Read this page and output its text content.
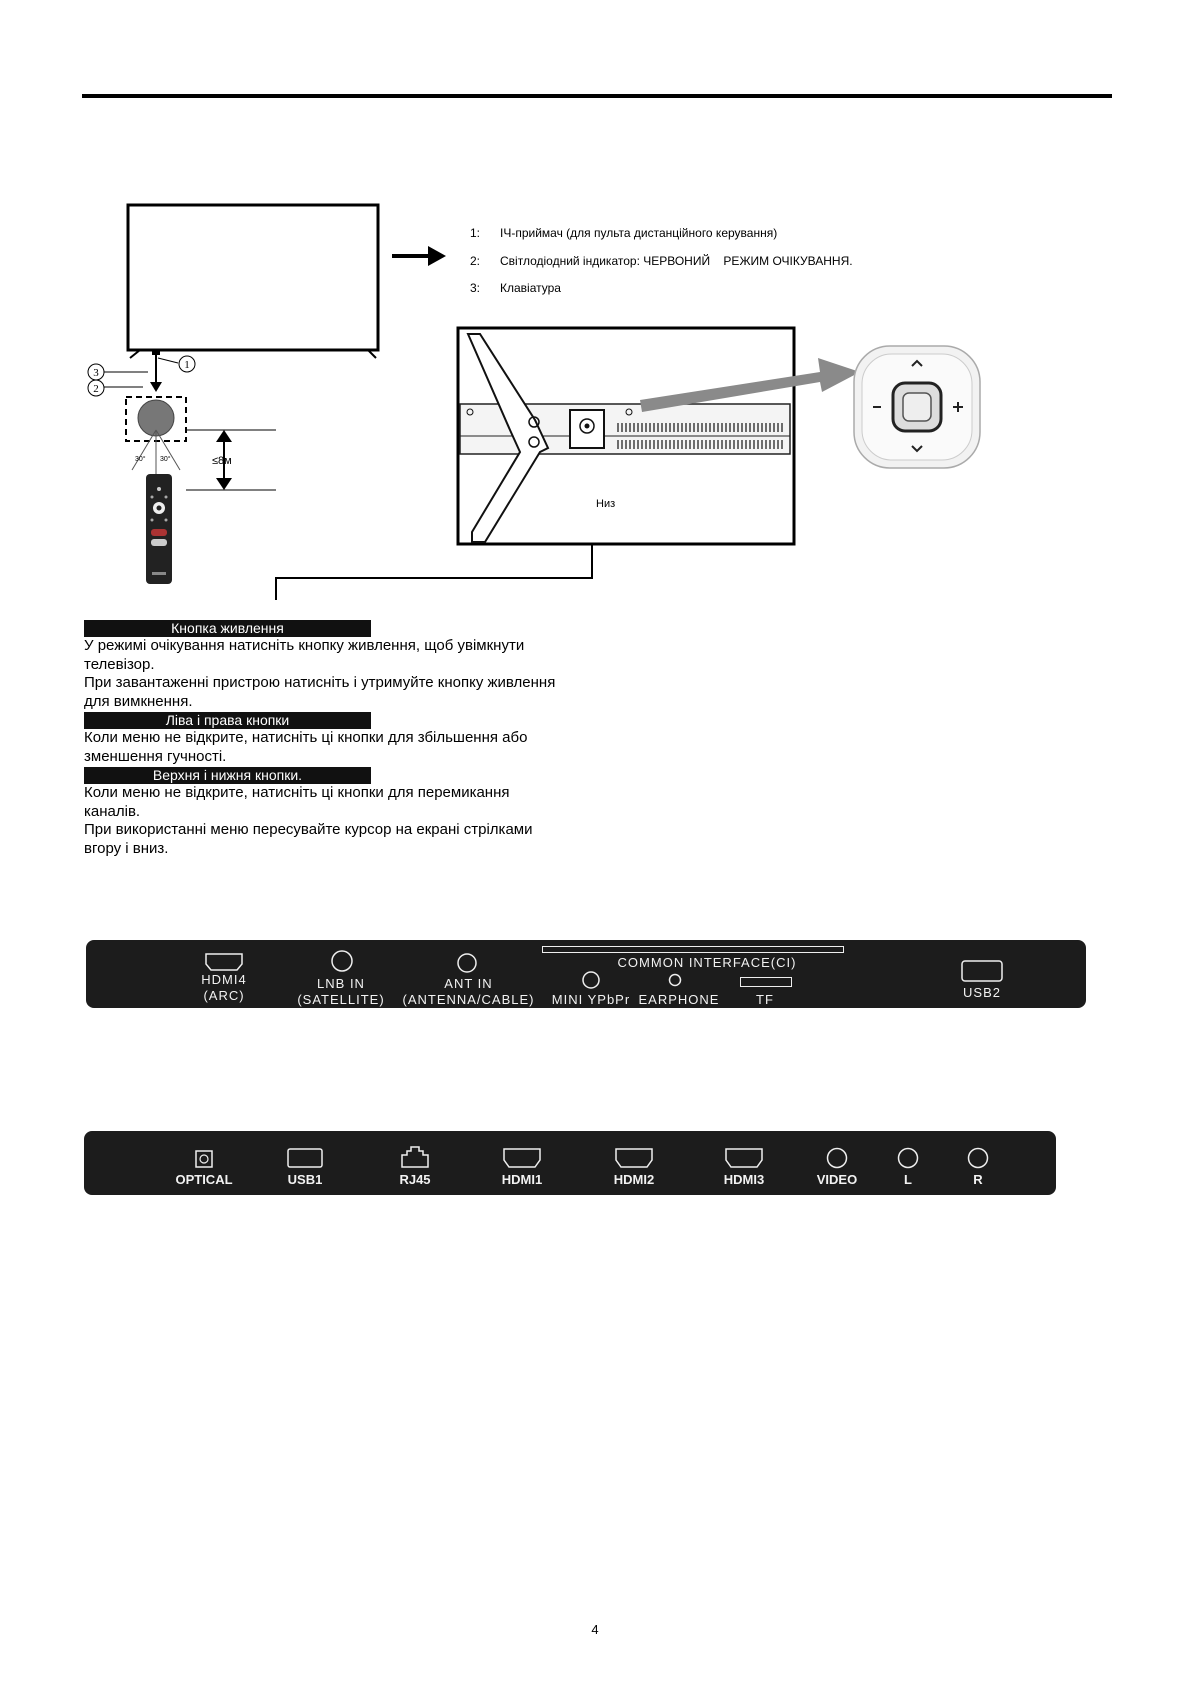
1:	ІЧ-приймач (для пульта дистанційного керування)
2:	Світлодіодний індикатор: ЧЕРВОНИЙ    РЕЖИМ ОЧІКУВАННЯ.
3:	Клавіатура
1
3
2
30° 30°	≤8м
Низ
Кнопка живлення
У режимі очікування натисніть кнопку живлення, щоб увімкнути
телевізор.
При завантаженні пристрою натисніть і утримуйте кнопку живлення
для вимкнення.
Ліва і права кнопки
Коли меню не відкрите, натисніть ці кнопки для збільшення або
зменшення гучності.
Верхня і нижня кнопки.
Коли меню не відкрите, натисніть ці кнопки для перемикання
каналів.
При використанні меню пересувайте курсор на екрані стрілками
вгору і вниз.
HDMI4
(ARC)
LNB IN
(SATELLITE)
ANT IN
(ANTENNA/CABLE)
COMMON INTERFACE(CI)
MINI YPbPr EARPHONE	TF	USB2
OPTICAL	USB1	RJ45	HDMI1	HDMI2	HDMI3	VIDEO	L	R
4
